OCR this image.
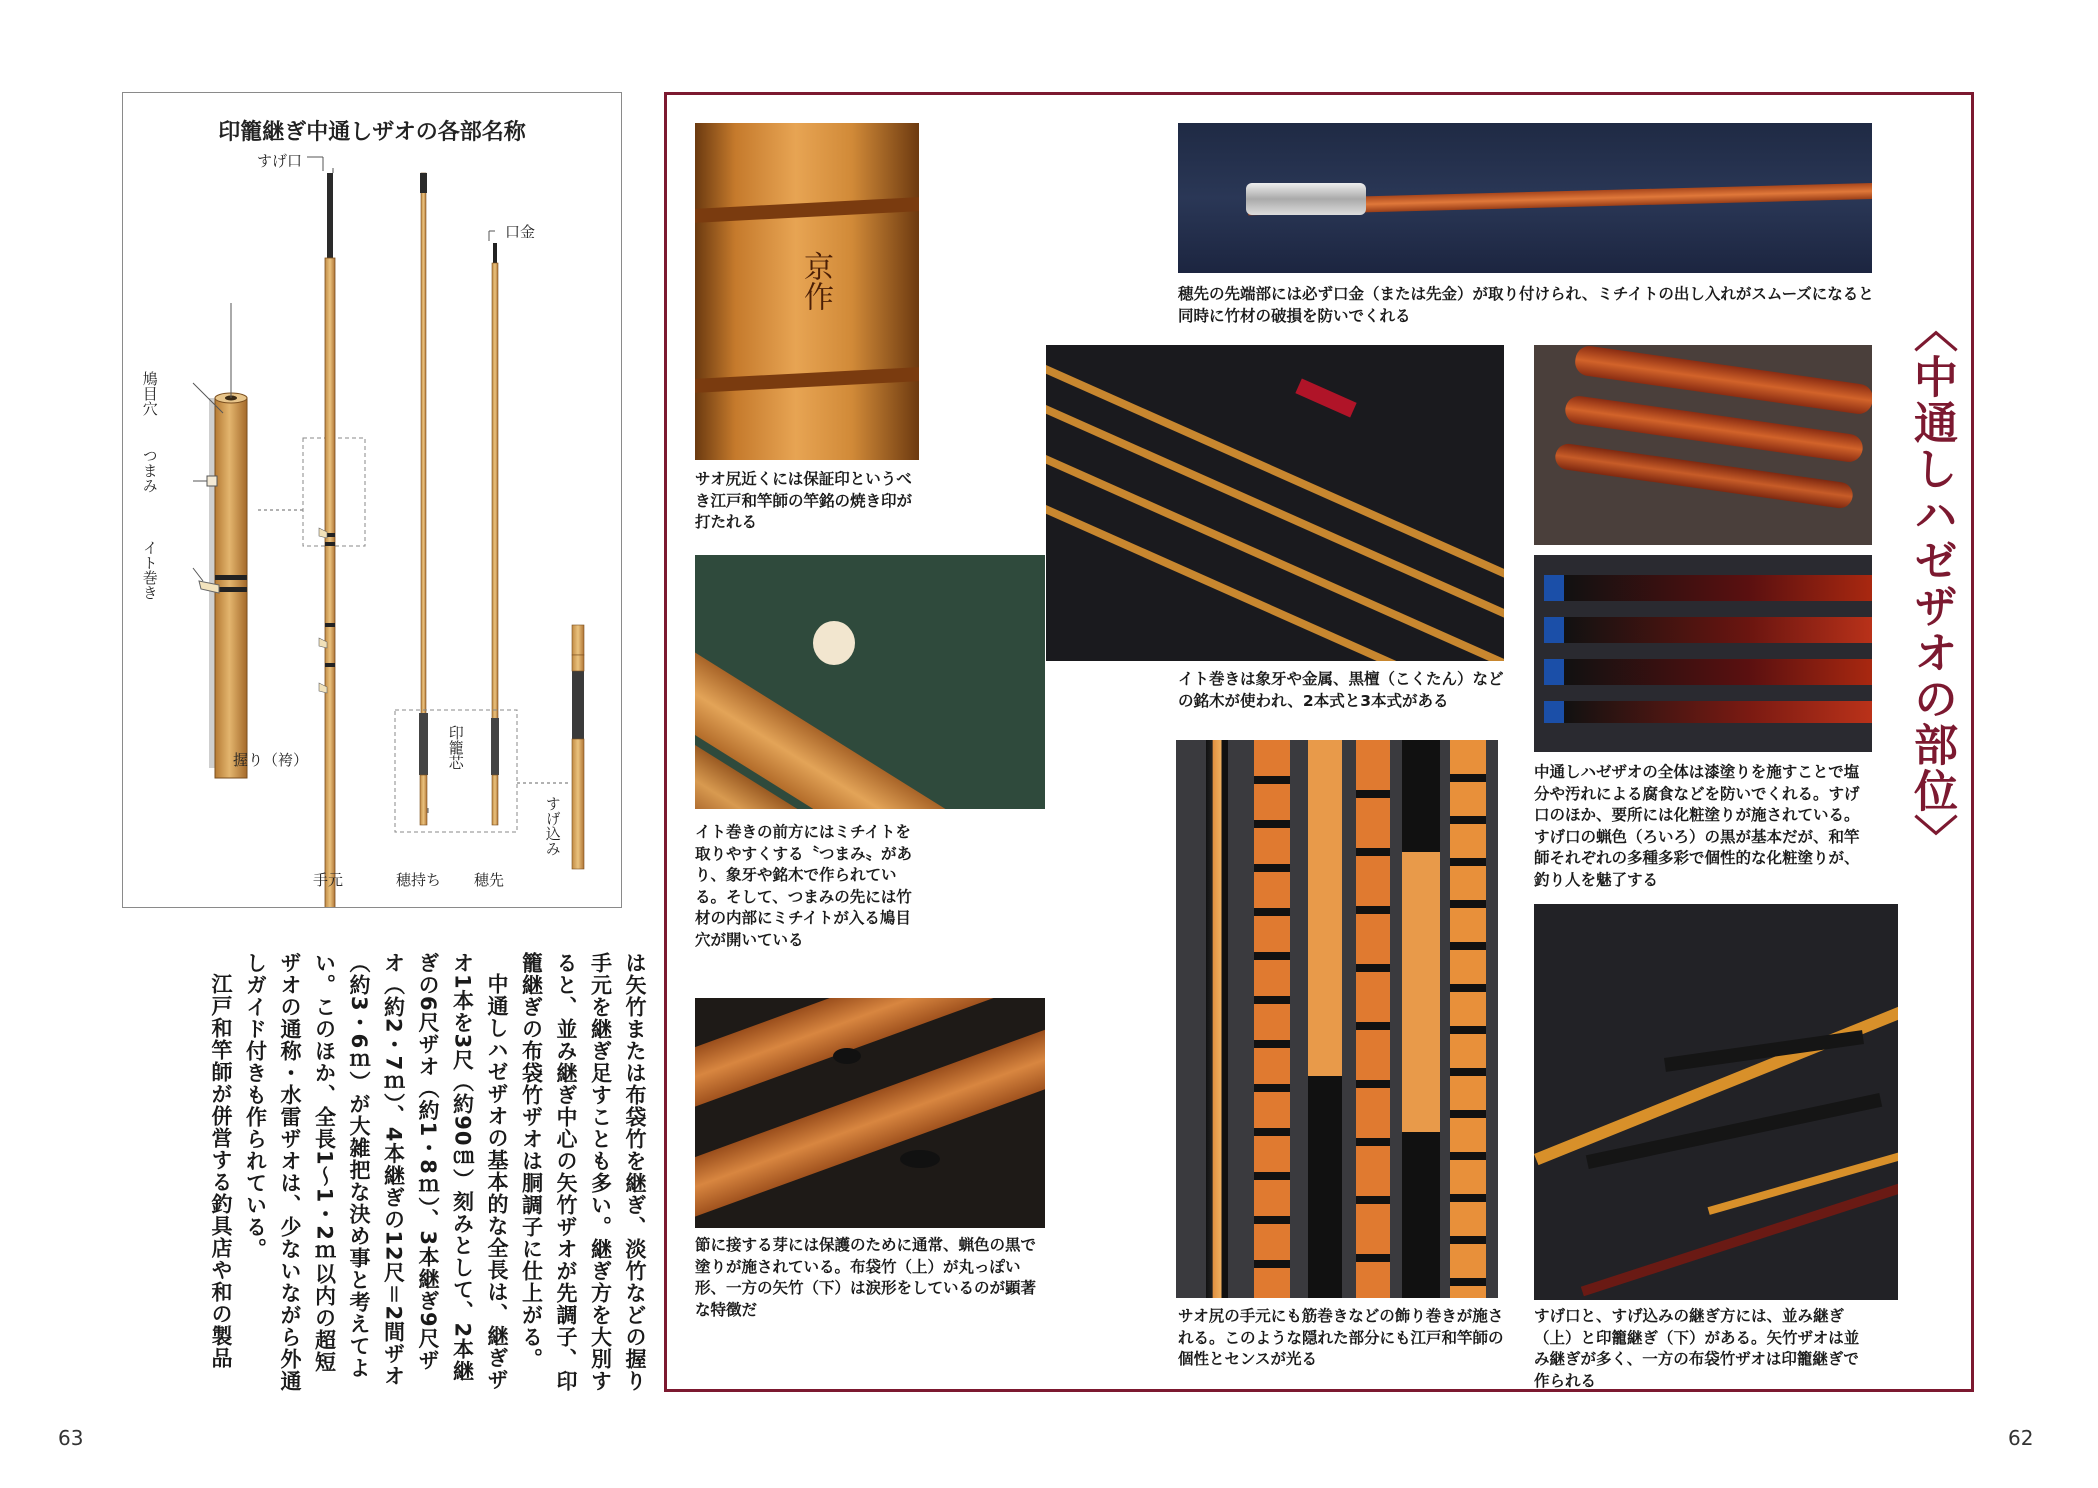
印籠継ぎ中通しザオの各部名称
すげ口
口金
鳩目穴
つまみ
イト巻き
握り（袴）	印籠芯
すげ込み
手元	穂持ち 穂先

は矢竹または布袋竹を継ぎ、淡竹などの握り手元を継ぎ足すことも多い。継ぎ方を大別すると、並み継ぎ中心の矢竹ザオが先調子、印籠継ぎの布袋竹ザオは胴調子に仕上がる。

中通しハゼザオの基本的な全長は、継ぎザオ1本を3尺（約90㎝）刻みとして、2本継ぎの6尺ザオ（約1・8ｍ）、3本継ぎ9尺ザオ（約2・7ｍ）、4本継ぎの12尺＝2間ザオ（約3・6ｍ）が大雑把な決め事と考えてよい。このほか、全長1〜1・2ｍ以内の超短ザオの通称・水雷ザオは、少ないながら外通しガイド付きも作られている。

江戸和竿師が併営する釣具店や和の製品

63	62
〈中通しハゼザオの部位〉
京作
サオ尻近くには保証印というべき江戸和竿師の竿銘の焼き印が打たれる
イト巻きの前方にはミチイトを取りやすくする〝つまみ〟があり、象牙や銘木で作られている。そして、つまみの先には竹材の内部にミチイトが入る鳩目穴が開いている
節に接する芽には保護のために通常、蝋色の黒で塗りが施されている。布袋竹（上）が丸っぽい形、一方の矢竹（下）は涙形をしているのが顕著な特徴だ
穂先の先端部には必ず口金（または先金）が取り付けられ、ミチイトの出し入れがスムーズになると同時に竹材の破損を防いでくれる
イト巻きは象牙や金属、黒檀（こくたん）などの銘木が使われ、2本式と3本式がある
中通しハゼザオの全体は漆塗りを施すことで塩分や汚れによる腐食などを防いでくれる。すげ口のほか、要所には化粧塗りが施されている。すげ口の蝋色（ろいろ）の黒が基本だが、和竿師それぞれの多種多彩で個性的な化粧塗りが、釣り人を魅了する
サオ尻の手元にも筋巻きなどの飾り巻きが施される。このような隠れた部分にも江戸和竿師の個性とセンスが光る
すげ口と、すげ込みの継ぎ方には、並み継ぎ（上）と印籠継ぎ（下）がある。矢竹ザオは並み継ぎが多く、一方の布袋竹ザオは印籠継ぎで作られる
